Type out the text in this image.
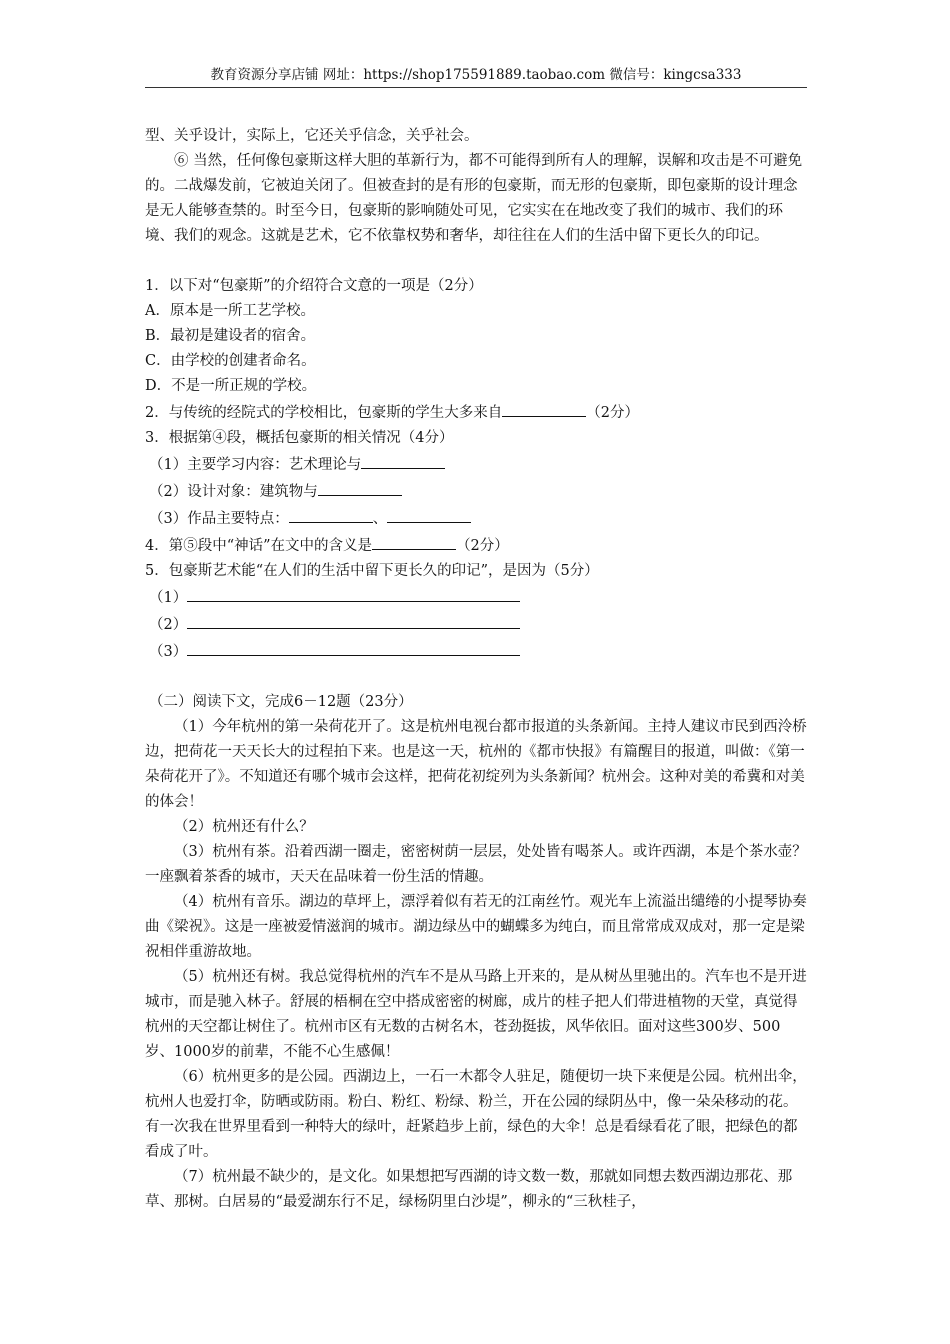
教育资源分享店铺 网址：https://shop175591889.taobao.com 微信号：kingcsa333

型、关乎设计，实际上，它还关乎信念，关乎社会。

⑥ 当然，任何像包豪斯这样大胆的革新行为，都不可能得到所有人的理解，误解和攻击是不可避免的。二战爆发前，它被迫关闭了。但被查封的是有形的包豪斯，而无形的包豪斯，即包豪斯的设计理念是无人能够查禁的。时至今日，包豪斯的影响随处可见，它实实在在地改变了我们的城市、我们的环境、我们的观念。这就是艺术，它不依靠权势和奢华，却往往在人们的生活中留下更长久的印记。

1．以下对“包豪斯”的介绍符合文意的一项是（2分）

A．原本是一所工艺学校。

B．最初是建设者的宿舍。

C．由学校的创建者命名。

D．不是一所正规的学校。

2．与传统的经院式的学校相比，包豪斯的学生大多来自	（2分）

3．根据第④段，概括包豪斯的相关情况（4分）

（1）主要学习内容：艺术理论与

（2）设计对象：建筑物与

（3）作品主要特点：	、

4．第⑤段中“神话”在文中的含义是	（2分）

5．包豪斯艺术能“在人们的生活中留下更长久的印记”，是因为（5分）

（1）

（2）

（3）

（二）阅读下文，完成6－12题（23分）

（1）今年杭州的第一朵荷花开了。这是杭州电视台都市报道的头条新闻。主持人建议市民到西泠桥边，把荷花一天天长大的过程拍下来。也是这一天，杭州的《都市快报》有篇醒目的报道，叫做：《第一朵荷花开了》。不知道还有哪个城市会这样，把荷花初绽列为头条新闻？杭州会。这种对美的希冀和对美的体会！

（2）杭州还有什么？

（3）杭州有茶。沿着西湖一圈走，密密树荫一层层，处处皆有喝茶人。或许西湖，本是个茶水壶？一座飘着茶香的城市，天天在品味着一份生活的情趣。

（4）杭州有音乐。湖边的草坪上，漂浮着似有若无的江南丝竹。观光车上流溢出缱绻的小提琴协奏曲《梁祝》。这是一座被爱情滋润的城市。湖边绿丛中的蝴蝶多为纯白，而且常常成双成对，那一定是梁祝相伴重游故地。

（5）杭州还有树。我总觉得杭州的汽车不是从马路上开来的，是从树丛里驰出的。汽车也不是开进城市，而是驰入林子。舒展的梧桐在空中搭成密密的树廊，成片的桂子把人们带进植物的天堂，真觉得杭州的天空都让树住了。杭州市区有无数的古树名木，苍劲挺拔，风华依旧。面对这些300岁、500岁、1000岁的前辈，不能不心生感佩！

（6）杭州更多的是公园。西湖边上，一石一木都令人驻足，随便切一块下来便是公园。杭州出伞，杭州人也爱打伞，防晒或防雨。粉白、粉红、粉绿、粉兰，开在公园的绿阴丛中，像一朵朵移动的花。有一次我在世界里看到一种特大的绿叶，赶紧趋步上前，绿色的大伞！总是看绿看花了眼，把绿色的都看成了叶。

（7）杭州最不缺少的，是文化。如果想把写西湖的诗文数一数，那就如同想去数西湖边那花、那草、那树。白居易的“最爱湖东行不足，绿杨阴里白沙堤”，柳永的“三秋桂子，
